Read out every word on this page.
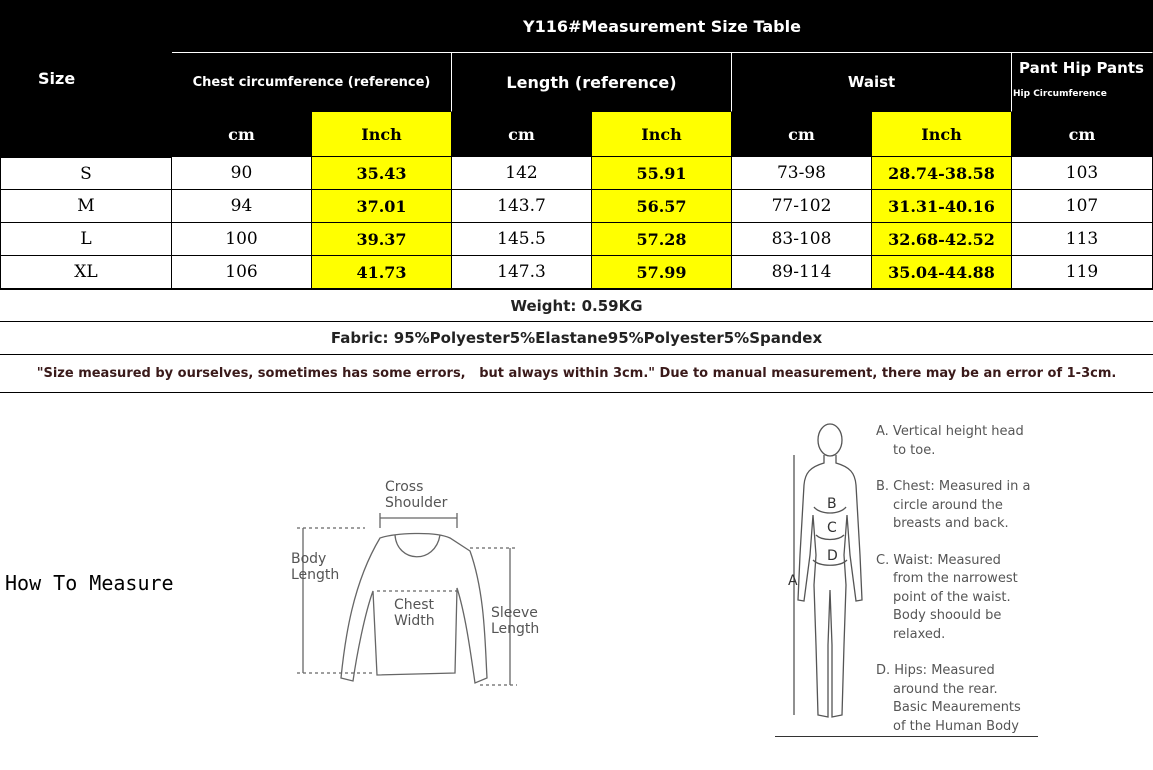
Size
Y116#Measurement Size Table
Chest circumference (reference)	Length (reference)	Waist
Pant Hip Pants
Hip Circumference
cm	Inch	cm	Inch	cm	Inch	cm
S	90	35.43	142	55.91	73-98	28.74-38.58	103
M	94	37.01	143.7	56.57	77-102	31.31-40.16	107
L	100	39.37	145.5	57.28	83-108	32.68-42.52	113
XL	106	41.73	147.3	57.99	89-114	35.04-44.88	119
Weight: 0.59KG
Fabric: 95%Polyester5%Elastane95%Polyester5%Spandex
"Size measured by ourselves, sometimes has some errors,   but always within 3cm." Due to manual measurement, there may be an error of 1-3cm.
How To Measure
Cross
Shoulder
Body
Length
Chest
Width	Sleeve
Length
A
B
C
D
A. Vertical height head
to toe.
B. Chest: Measured in a
circle around the
breasts and back.
C. Waist: Measured
from the narrowest
point of the waist.
Body shoould be
relaxed.
D. Hips: Measured
around the rear.
Basic Meaurements
of the Human Body
